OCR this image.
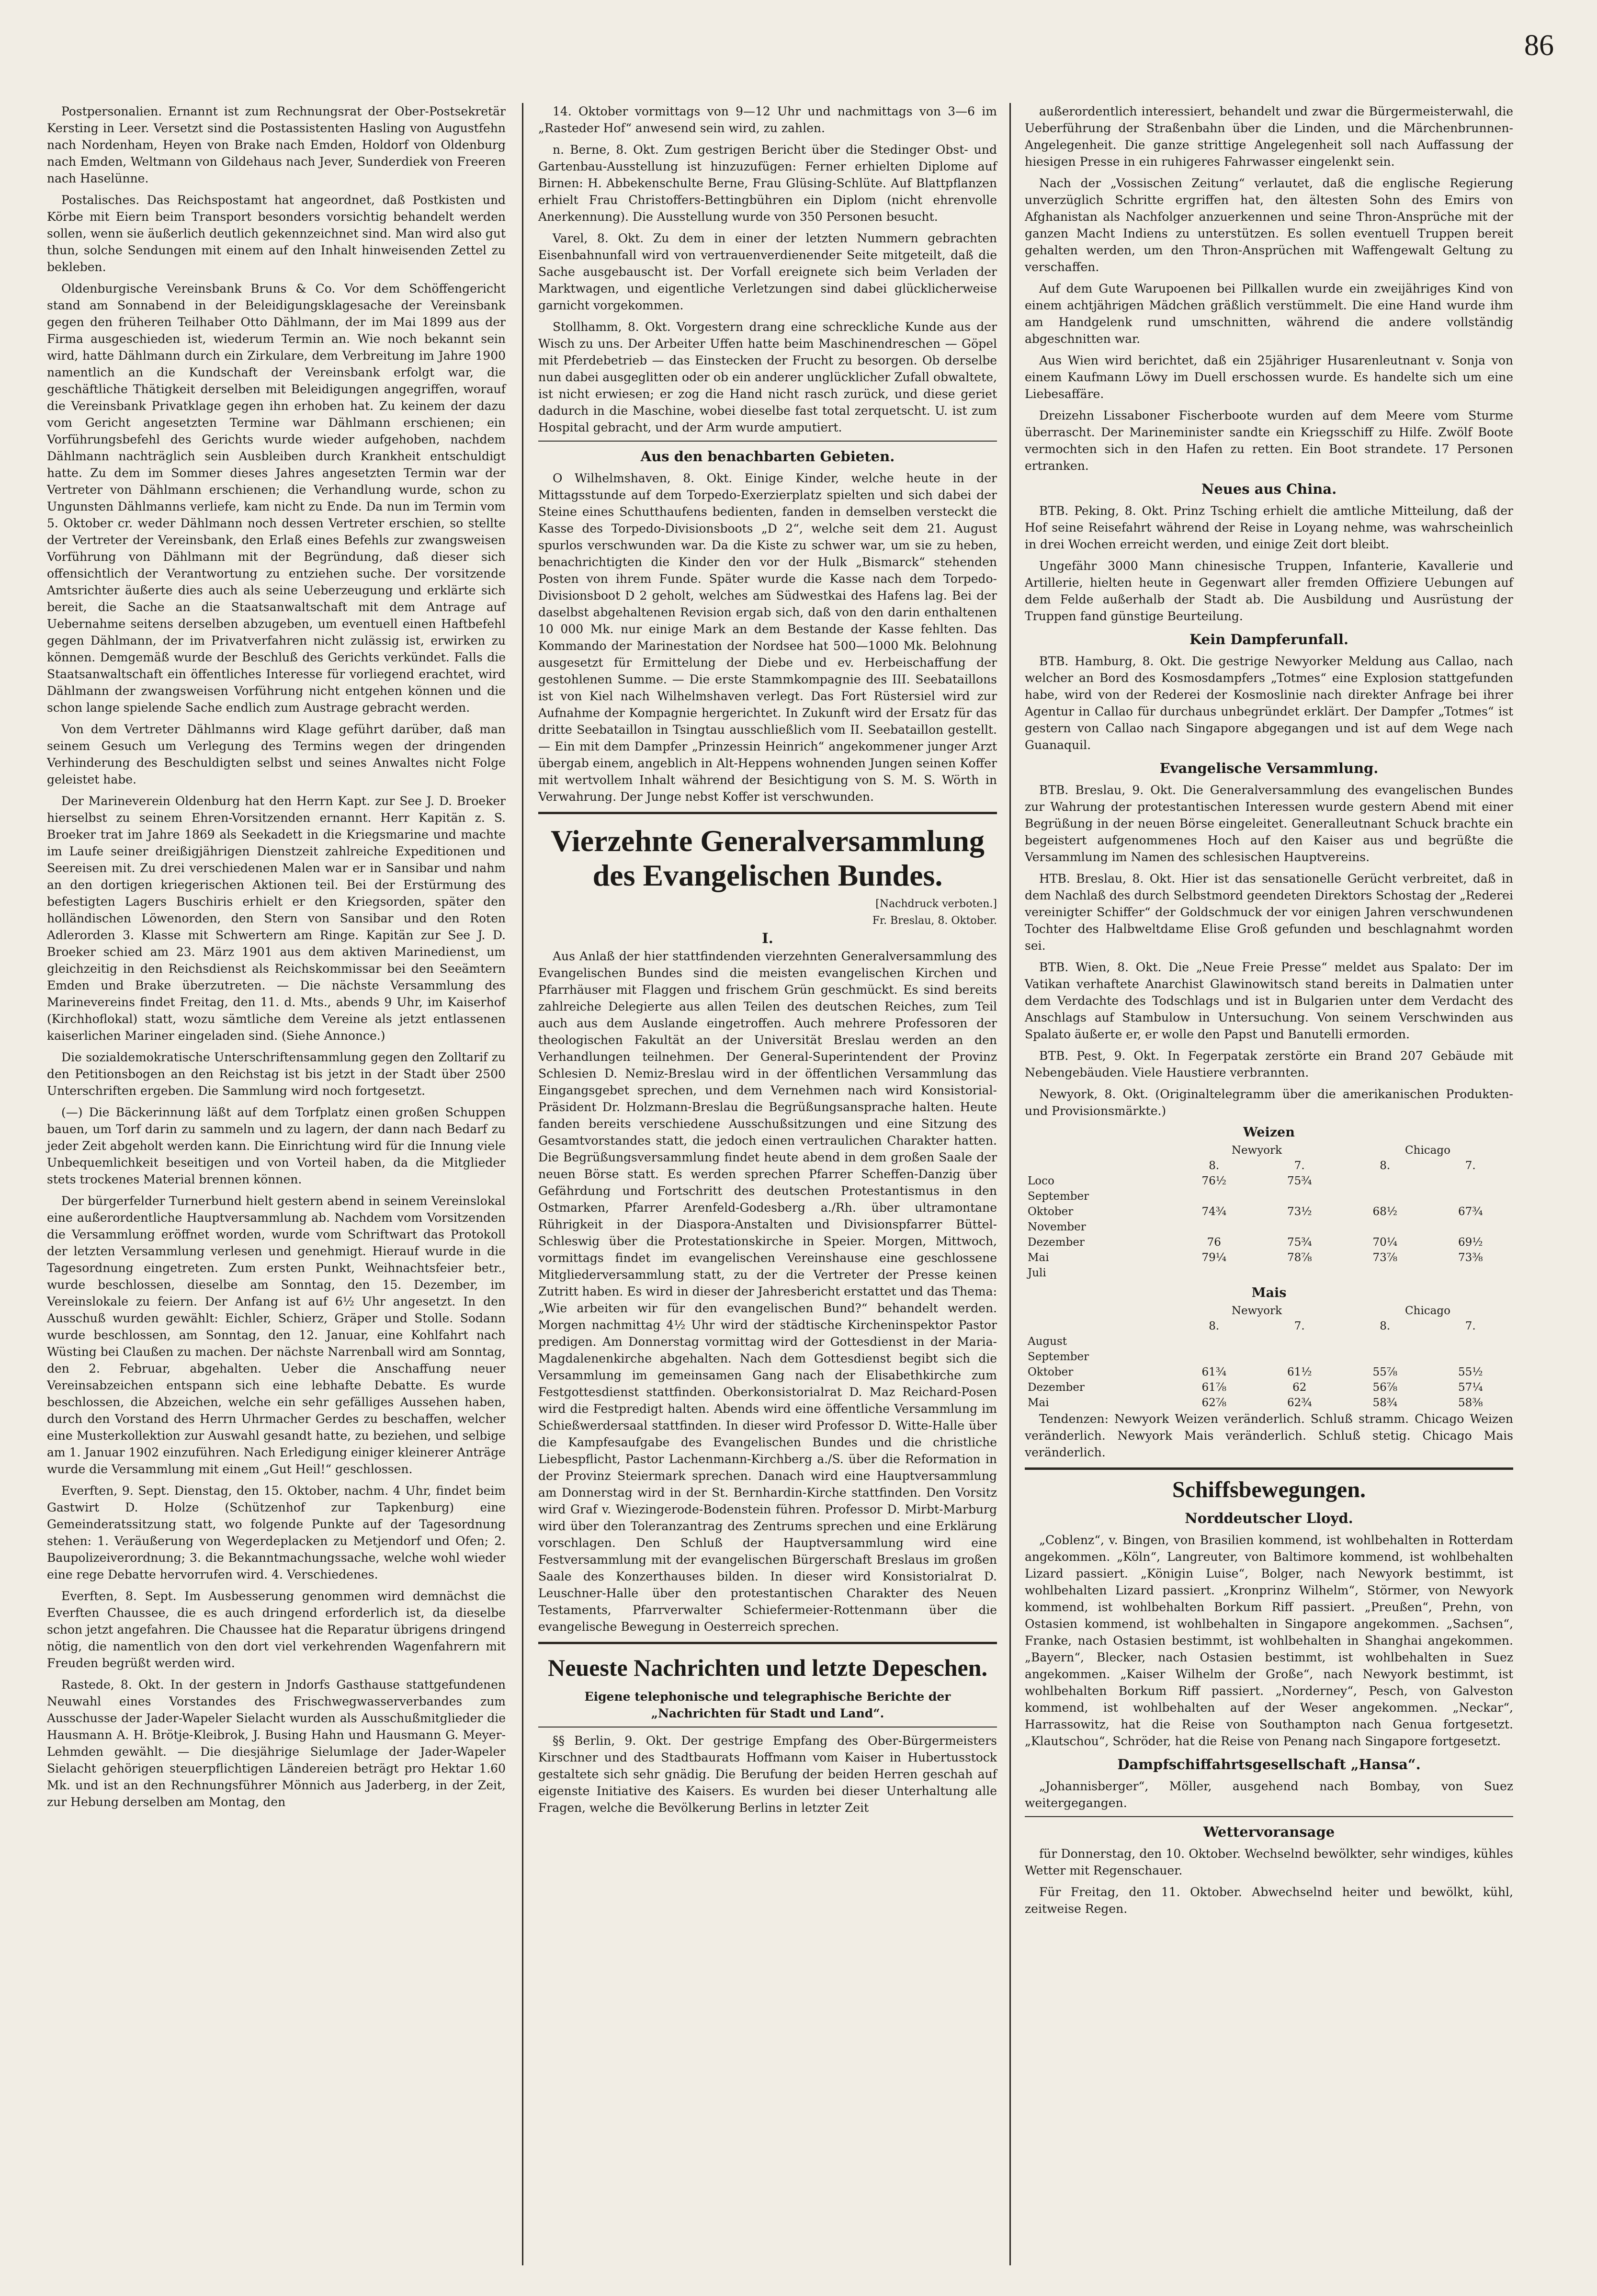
86

Postpersonalien. Ernannt ist zum Rechnungsrat der Ober-Postsekretär Kersting in Leer. Versetzt sind die Postassistenten Hasling von Augustfehn nach Nordenham, Heyen von Brake nach Emden, Holdorf von Oldenburg nach Emden, Weltmann von Gildehaus nach Jever, Sunderdiek von Freeren nach Haselünne.

Postalisches. Das Reichspostamt hat angeordnet, daß Postkisten und Körbe mit Eiern beim Transport besonders vorsichtig behandelt werden sollen, wenn sie äußerlich deutlich gekennzeichnet sind. Man wird also gut thun, solche Sendungen mit einem auf den Inhalt hinweisenden Zettel zu bekleben.

Oldenburgische Vereinsbank Bruns & Co. Vor dem Schöffengericht stand am Sonnabend in der Beleidigungsklagesache der Vereinsbank gegen den früheren Teilhaber Otto Dählmann, der im Mai 1899 aus der Firma ausgeschieden ist, wiederum Termin an. Wie noch bekannt sein wird, hatte Dählmann durch ein Zirkulare, dem Verbreitung im Jahre 1900 namentlich an die Kundschaft der Vereinsbank erfolgt war, die geschäftliche Thätigkeit derselben mit Beleidigungen angegriffen, worauf die Vereinsbank Privatklage gegen ihn erhoben hat. Zu keinem der dazu vom Gericht angesetzten Termine war Dählmann erschienen; ein Vorführungsbefehl des Gerichts wurde wieder aufgehoben, nachdem Dählmann nachträglich sein Ausbleiben durch Krankheit entschuldigt hatte. Zu dem im Sommer dieses Jahres angesetzten Termin war der Vertreter von Dählmann erschienen; die Verhandlung wurde, schon zu Ungunsten Dählmanns verliefe, kam nicht zu Ende. Da nun im Termin vom 5. Oktober cr. weder Dählmann noch dessen Vertreter erschien, so stellte der Vertreter der Vereinsbank, den Erlaß eines Befehls zur zwangsweisen Vorführung von Dählmann mit der Begründung, daß dieser sich offensichtlich der Verantwortung zu entziehen suche. Der vorsitzende Amtsrichter äußerte dies auch als seine Ueberzeugung und erklärte sich bereit, die Sache an die Staatsanwaltschaft mit dem Antrage auf Uebernahme seitens derselben abzugeben, um eventuell einen Haftbefehl gegen Dählmann, der im Privatverfahren nicht zulässig ist, erwirken zu können. Demgemäß wurde der Beschluß des Gerichts verkündet. Falls die Staatsanwaltschaft ein öffentliches Interesse für vorliegend erachtet, wird Dählmann der zwangsweisen Vorführung nicht entgehen können und die schon lange spielende Sache endlich zum Austrage gebracht werden.

Von dem Vertreter Dählmanns wird Klage geführt darüber, daß man seinem Gesuch um Verlegung des Termins wegen der dringenden Verhinderung des Beschuldigten selbst und seines Anwaltes nicht Folge geleistet habe.

Der Marineverein Oldenburg hat den Herrn Kapt. zur See J. D. Broeker hierselbst zu seinem Ehren-Vorsitzenden ernannt. Herr Kapitän z. S. Broeker trat im Jahre 1869 als Seekadett in die Kriegsmarine und machte im Laufe seiner dreißigjährigen Dienstzeit zahlreiche Expeditionen und Seereisen mit. Zu drei verschiedenen Malen war er in Sansibar und nahm an den dortigen kriegerischen Aktionen teil. Bei der Erstürmung des befestigten Lagers Buschiris erhielt er den Kriegsorden, später den holländischen Löwenorden, den Stern von Sansibar und den Roten Adlerorden 3. Klasse mit Schwertern am Ringe. Kapitän zur See J. D. Broeker schied am 23. März 1901 aus dem aktiven Marinedienst, um gleichzeitig in den Reichsdienst als Reichskommissar bei den Seeämtern Emden und Brake überzutreten. — Die nächste Versammlung des Marinevereins findet Freitag, den 11. d. Mts., abends 9 Uhr, im Kaiserhof (Kirchhoflokal) statt, wozu sämtliche dem Vereine als jetzt entlassenen kaiserlichen Mariner eingeladen sind. (Siehe Annonce.)

Die sozialdemokratische Unterschriftensammlung gegen den Zolltarif zu den Petitionsbogen an den Reichstag ist bis jetzt in der Stadt über 2500 Unterschriften ergeben. Die Sammlung wird noch fortgesetzt.

(—) Die Bäckerinnung läßt auf dem Torfplatz einen großen Schuppen bauen, um Torf darin zu sammeln und zu lagern, der dann nach Bedarf zu jeder Zeit abgeholt werden kann. Die Einrichtung wird für die Innung viele Unbequemlichkeit beseitigen und von Vorteil haben, da die Mitglieder stets trockenes Material brennen können.

Der bürgerfelder Turnerbund hielt gestern abend in seinem Vereinslokal eine außerordentliche Hauptversammlung ab. Nachdem vom Vorsitzenden die Versammlung eröffnet worden, wurde vom Schriftwart das Protokoll der letzten Versammlung verlesen und genehmigt. Hierauf wurde in die Tagesordnung eingetreten. Zum ersten Punkt, Weihnachtsfeier betr., wurde beschlossen, dieselbe am Sonntag, den 15. Dezember, im Vereinslokale zu feiern. Der Anfang ist auf 6½ Uhr angesetzt. In den Ausschuß wurden gewählt: Eichler, Schierz, Gräper und Stolle. Sodann wurde beschlossen, am Sonntag, den 12. Januar, eine Kohlfahrt nach Wüsting bei Claußen zu machen. Der nächste Narrenball wird am Sonntag, den 2. Februar, abgehalten. Ueber die Anschaffung neuer Vereinsabzeichen entspann sich eine lebhafte Debatte. Es wurde beschlossen, die Abzeichen, welche ein sehr gefälliges Aussehen haben, durch den Vorstand des Herrn Uhrmacher Gerdes zu beschaffen, welcher eine Musterkollektion zur Auswahl gesandt hatte, zu beziehen, und selbige am 1. Januar 1902 einzuführen. Nach Erledigung einiger kleinerer Anträge wurde die Versammlung mit einem „Gut Heil!“ geschlossen.

Everften, 9. Sept. Dienstag, den 15. Oktober, nachm. 4 Uhr, findet beim Gastwirt D. Holze (Schützenhof zur Tapkenburg) eine Gemeinderatssitzung statt, wo folgende Punkte auf der Tagesordnung stehen: 1. Veräußerung von Wegerdeplacken zu Metjendorf und Ofen; 2. Baupolizeiverordnung; 3. die Bekanntmachungssache, welche wohl wieder eine rege Debatte hervorrufen wird. 4. Verschiedenes.

Everften, 8. Sept. Im Ausbesserung genommen wird demnächst die Everften Chaussee, die es auch dringend erforderlich ist, da dieselbe schon jetzt angefahren. Die Chaussee hat die Reparatur übrigens dringend nötig, die namentlich von den dort viel verkehrenden Wagenfahrern mit Freuden begrüßt werden wird.

Rastede, 8. Okt. In der gestern in Jndorfs Gasthause stattgefundenen Neuwahl eines Vorstandes des Frischwegwasserverbandes zum Ausschusse der Jader-Wapeler Sielacht wurden als Ausschußmitglieder die Hausmann A. H. Brötje-Kleibrok, J. Busing Hahn und Hausmann G. Meyer-Lehmden gewählt. — Die diesjährige Sielumlage der Jader-Wapeler Sielacht gehörigen steuerpflichtigen Ländereien beträgt pro Hektar 1.60 Mk. und ist an den Rechnungsführer Mönnich aus Jaderberg, in der Zeit, zur Hebung derselben am Montag, den

14. Oktober vormittags von 9—12 Uhr und nachmittags von 3—6 im „Rasteder Hof“ anwesend sein wird, zu zahlen.

n. Berne, 8. Okt. Zum gestrigen Bericht über die Stedinger Obst- und Gartenbau-Ausstellung ist hinzuzufügen: Ferner erhielten Diplome auf Birnen: H. Abbekenschulte Berne, Frau Glüsing-Schlüte. Auf Blattpflanzen erhielt Frau Christoffers-Bettingbühren ein Diplom (nicht ehrenvolle Anerkennung). Die Ausstellung wurde von 350 Personen besucht.

Varel, 8. Okt. Zu dem in einer der letzten Nummern gebrachten Eisenbahnunfall wird von vertrauenverdienender Seite mitgeteilt, daß die Sache ausgebauscht ist. Der Vorfall ereignete sich beim Verladen der Marktwagen, und eigentliche Verletzungen sind dabei glücklicherweise garnicht vorgekommen.

Stollhamm, 8. Okt. Vorgestern drang eine schreckliche Kunde aus der Wisch zu uns. Der Arbeiter Uffen hatte beim Maschinendreschen — Göpel mit Pferdebetrieb — das Einstecken der Frucht zu besorgen. Ob derselbe nun dabei ausgeglitten oder ob ein anderer unglücklicher Zufall obwaltete, ist nicht erwiesen; er zog die Hand nicht rasch zurück, und diese geriet dadurch in die Maschine, wobei dieselbe fast total zerquetscht. U. ist zum Hospital gebracht, und der Arm wurde amputiert.

Aus den benachbarten Gebieten.

O Wilhelmshaven, 8. Okt. Einige Kinder, welche heute in der Mittagsstunde auf dem Torpedo-Exerzierplatz spielten und sich dabei der Steine eines Schutthaufens bedienten, fanden in demselben versteckt die Kasse des Torpedo-Divisionsboots „D 2“, welche seit dem 21. August spurlos verschwunden war. Da die Kiste zu schwer war, um sie zu heben, benachrichtigten die Kinder den vor der Hulk „Bismarck“ stehenden Posten von ihrem Funde. Später wurde die Kasse nach dem Torpedo-Divisionsboot D 2 geholt, welches am Südwestkai des Hafens lag. Bei der daselbst abgehaltenen Revision ergab sich, daß von den darin enthaltenen 10 000 Mk. nur einige Mark an dem Bestande der Kasse fehlten. Das Kommando der Marinestation der Nordsee hat 500—1000 Mk. Belohnung ausgesetzt für Ermittelung der Diebe und ev. Herbeischaffung der gestohlenen Summe. — Die erste Stammkompagnie des III. Seebataillons ist von Kiel nach Wilhelmshaven verlegt. Das Fort Rüstersiel wird zur Aufnahme der Kompagnie hergerichtet. In Zukunft wird der Ersatz für das dritte Seebataillon in Tsingtau ausschließlich vom II. Seebataillon gestellt. — Ein mit dem Dampfer „Prinzessin Heinrich“ angekommener junger Arzt übergab einem, angeblich in Alt-Heppens wohnenden Jungen seinen Koffer mit wertvollem Inhalt während der Besichtigung von S. M. S. Wörth in Verwahrung. Der Junge nebst Koffer ist verschwunden.

Vierzehnte Generalversammlung des Evangelischen Bundes.

[Nachdruck verboten.]

Fr. Breslau, 8. Oktober.

I.

Aus Anlaß der hier stattfindenden vierzehnten Generalversammlung des Evangelischen Bundes sind die meisten evangelischen Kirchen und Pfarrhäuser mit Flaggen und frischem Grün geschmückt. Es sind bereits zahlreiche Delegierte aus allen Teilen des deutschen Reiches, zum Teil auch aus dem Auslande eingetroffen. Auch mehrere Professoren der theologischen Fakultät an der Universität Breslau werden an den Verhandlungen teilnehmen. Der General-Superintendent der Provinz Schlesien D. Nemiz-Breslau wird in der öffentlichen Versammlung das Eingangsgebet sprechen, und dem Vernehmen nach wird Konsistorial-Präsident Dr. Holzmann-Breslau die Begrüßungsansprache halten. Heute fanden bereits verschiedene Ausschußsitzungen und eine Sitzung des Gesamtvorstandes statt, die jedoch einen vertraulichen Charakter hatten. Die Begrüßungsversammlung findet heute abend in dem großen Saale der neuen Börse statt. Es werden sprechen Pfarrer Scheffen-Danzig über Gefährdung und Fortschritt des deutschen Protestantismus in den Ostmarken, Pfarrer Arenfeld-Godesberg a./Rh. über ultramontane Rührigkeit in der Diaspora-Anstalten und Divisionspfarrer Büttel-Schleswig über die Protestationskirche in Speier. Morgen, Mittwoch, vormittags findet im evangelischen Vereinshause eine geschlossene Mitgliederversammlung statt, zu der die Vertreter der Presse keinen Zutritt haben. Es wird in dieser der Jahresbericht erstattet und das Thema: „Wie arbeiten wir für den evangelischen Bund?“ behandelt werden. Morgen nachmittag 4½ Uhr wird der städtische Kircheninspektor Pastor predigen. Am Donnerstag vormittag wird der Gottesdienst in der Maria-Magdalenenkirche abgehalten. Nach dem Gottesdienst begibt sich die Versammlung im gemeinsamen Gang nach der Elisabethkirche zum Festgottesdienst stattfinden. Oberkonsistorialrat D. Maz Reichard-Posen wird die Festpredigt halten. Abends wird eine öffentliche Versammlung im Schießwerdersaal stattfinden. In dieser wird Professor D. Witte-Halle über die Kampfesaufgabe des Evangelischen Bundes und die christliche Liebespflicht, Pastor Lachenmann-Kirchberg a./S. über die Reformation in der Provinz Steiermark sprechen. Danach wird eine Hauptversammlung am Donnerstag wird in der St. Bernhardin-Kirche stattfinden. Den Vorsitz wird Graf v. Wiezingerode-Bodenstein führen. Professor D. Mirbt-Marburg wird über den Toleranzantrag des Zentrums sprechen und eine Erklärung vorschlagen. Den Schluß der Hauptversammlung wird eine Festversammlung mit der evangelischen Bürgerschaft Breslaus im großen Saale des Konzerthauses bilden. In dieser wird Konsistorialrat D. Leuschner-Halle über den protestantischen Charakter des Neuen Testaments, Pfarrverwalter Schiefermeier-Rottenmann über die evangelische Bewegung in Oesterreich sprechen.

Neueste Nachrichten und letzte Depeschen.
Eigene telephonische und telegraphische Berichte der „Nachrichten für Stadt und Land“.

§§ Berlin, 9. Okt. Der gestrige Empfang des Ober-Bürgermeisters Kirschner und des Stadtbaurats Hoffmann vom Kaiser in Hubertusstock gestaltete sich sehr gnädig. Die Berufung der beiden Herren geschah auf eigenste Initiative des Kaisers. Es wurden bei dieser Unterhaltung alle Fragen, welche die Bevölkerung Berlins in letzter Zeit

außerordentlich interessiert, behandelt und zwar die Bürgermeisterwahl, die Ueberführung der Straßenbahn über die Linden, und die Märchenbrunnen-Angelegenheit. Die ganze strittige Angelegenheit soll nach Auffassung der hiesigen Presse in ein ruhigeres Fahrwasser eingelenkt sein.

Nach der „Vossischen Zeitung“ verlautet, daß die englische Regierung unverzüglich Schritte ergriffen hat, den ältesten Sohn des Emirs von Afghanistan als Nachfolger anzuerkennen und seine Thron-Ansprüche mit der ganzen Macht Indiens zu unterstützen. Es sollen eventuell Truppen bereit gehalten werden, um den Thron-Ansprüchen mit Waffengewalt Geltung zu verschaffen.

Auf dem Gute Warupoenen bei Pillkallen wurde ein zweijähriges Kind von einem achtjährigen Mädchen gräßlich verstümmelt. Die eine Hand wurde ihm am Handgelenk rund umschnitten, während die andere vollständig abgeschnitten war.

Aus Wien wird berichtet, daß ein 25jähriger Husarenleutnant v. Sonja von einem Kaufmann Löwy im Duell erschossen wurde. Es handelte sich um eine Liebesaffäre.

Dreizehn Lissaboner Fischerboote wurden auf dem Meere vom Sturme überrascht. Der Marineminister sandte ein Kriegsschiff zu Hilfe. Zwölf Boote vermochten sich in den Hafen zu retten. Ein Boot strandete. 17 Personen ertranken.

Neues aus China.

BTB. Peking, 8. Okt. Prinz Tsching erhielt die amtliche Mitteilung, daß der Hof seine Reisefahrt während der Reise in Loyang nehme, was wahrscheinlich in drei Wochen erreicht werden, und einige Zeit dort bleibt.

Ungefähr 3000 Mann chinesische Truppen, Infanterie, Kavallerie und Artillerie, hielten heute in Gegenwart aller fremden Offiziere Uebungen auf dem Felde außerhalb der Stadt ab. Die Ausbildung und Ausrüstung der Truppen fand günstige Beurteilung.

Kein Dampferunfall.

BTB. Hamburg, 8. Okt. Die gestrige Newyorker Meldung aus Callao, nach welcher an Bord des Kosmosdampfers „Totmes“ eine Explosion stattgefunden habe, wird von der Rederei der Kosmoslinie nach direkter Anfrage bei ihrer Agentur in Callao für durchaus unbegründet erklärt. Der Dampfer „Totmes“ ist gestern von Callao nach Singapore abgegangen und ist auf dem Wege nach Guanaquil.

Evangelische Versammlung.

BTB. Breslau, 9. Okt. Die Generalversammlung des evangelischen Bundes zur Wahrung der protestantischen Interessen wurde gestern Abend mit einer Begrüßung in der neuen Börse eingeleitet. Generalleutnant Schuck brachte ein begeistert aufgenommenes Hoch auf den Kaiser aus und begrüßte die Versammlung im Namen des schlesischen Hauptvereins.

HTB. Breslau, 8. Okt. Hier ist das sensationelle Gerücht verbreitet, daß in dem Nachlaß des durch Selbstmord geendeten Direktors Schostag der „Rederei vereinigter Schiffer“ der Goldschmuck der vor einigen Jahren verschwundenen Tochter des Halbweltdame Elise Groß gefunden und beschlagnahmt worden sei.

BTB. Wien, 8. Okt. Die „Neue Freie Presse“ meldet aus Spalato: Der im Vatikan verhaftete Anarchist Glawinowitsch stand bereits in Dalmatien unter dem Verdachte des Todschlags und ist in Bulgarien unter dem Verdacht des Anschlags auf Stambulow in Untersuchung. Von seinem Verschwinden aus Spalato äußerte er, er wolle den Papst und Banutelli ermorden.

BTB. Pest, 9. Okt. In Fegerpatak zerstörte ein Brand 207 Gebäude mit Nebengebäuden. Viele Haustiere verbrannten.

Newyork, 8. Okt. (Originaltelegramm über die amerikanischen Produkten- und Provisionsmärkte.)

Weizen
	Newyork		Chicago	
	8.	7.	8.	7.
Loco	76½	75¾		
September				
Oktober	74¾	73½	68½	67¾
November				
Dezember	76	75¾	70¼	69½
Mai	79¼	78⅞	73⅞	73⅜
Juli				
Mais
	Newyork		Chicago	
	8.	7.	8.	7.
August				
September				
Oktober	61¾	61½	55⅞	55½
Dezember	61⅞	62	56⅞	57¼
Mai	62⅞	62¾	58¾	58⅜

Tendenzen: Newyork Weizen veränderlich. Schluß stramm. Chicago Weizen veränderlich. Newyork Mais veränderlich. Schluß stetig. Chicago Mais veränderlich.

Schiffsbewegungen.
Norddeutscher Lloyd.

„Coblenz“, v. Bingen, von Brasilien kommend, ist wohlbehalten in Rotterdam angekommen. „Köln“, Langreuter, von Baltimore kommend, ist wohlbehalten Lizard passiert. „Königin Luise“, Bolger, nach Newyork bestimmt, ist wohlbehalten Lizard passiert. „Kronprinz Wilhelm“, Störmer, von Newyork kommend, ist wohlbehalten Borkum Riff passiert. „Preußen“, Prehn, von Ostasien kommend, ist wohlbehalten in Singapore angekommen. „Sachsen“, Franke, nach Ostasien bestimmt, ist wohlbehalten in Shanghai angekommen. „Bayern“, Blecker, nach Ostasien bestimmt, ist wohlbehalten in Suez angekommen. „Kaiser Wilhelm der Große“, nach Newyork bestimmt, ist wohlbehalten Borkum Riff passiert. „Norderney“, Pesch, von Galveston kommend, ist wohlbehalten auf der Weser angekommen. „Neckar“, Harrassowitz, hat die Reise von Southampton nach Genua fortgesetzt. „Klautschou“, Schröder, hat die Reise von Penang nach Singapore fortgesetzt.

Dampfschiffahrtsgesellschaft „Hansa“.

„Johannisberger“, Möller, ausgehend nach Bombay, von Suez weitergegangen.

Wettervoransage

für Donnerstag, den 10. Oktober. Wechselnd bewölkter, sehr windiges, kühles Wetter mit Regenschauer.

Für Freitag, den 11. Oktober. Abwechselnd heiter und bewölkt, kühl, zeitweise Regen.
